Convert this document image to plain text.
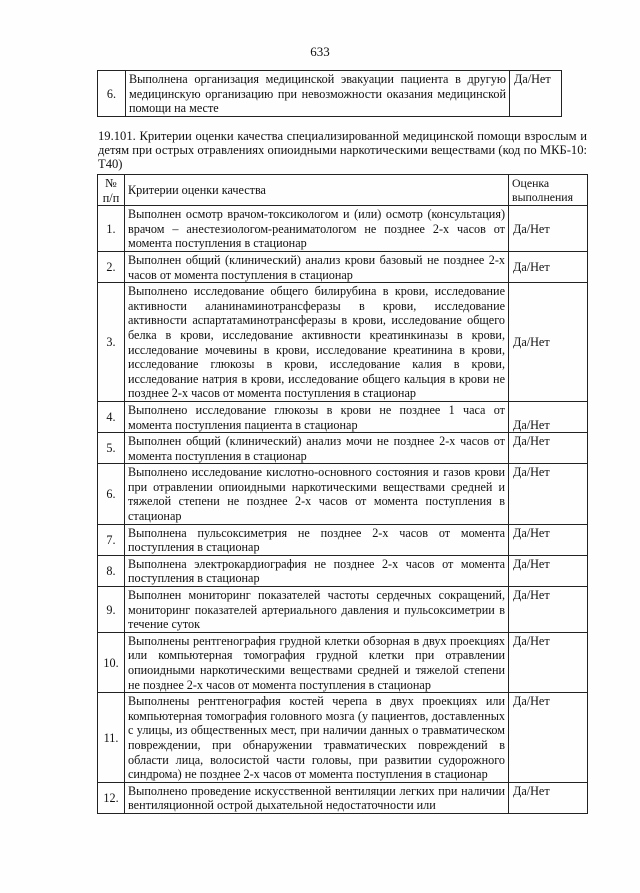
633
6.	Выполнена организация медицинской эвакуации пациента в другую медицинскую организацию при невозможности оказания медицинской помощи на месте	Да/Нет
19.101. Критерии оценки качества специализированной медицинской помощи взрослым и детям при острых отравлениях опиоидными наркотическими веществами (код по МКБ-10: T40)
№ п/п	Критерии оценки качества	Оценка выполнения
1.	Выполнен осмотр врачом-токсикологом и (или) осмотр (консультация) врачом – анестезиологом-реаниматологом не позднее 2-х часов от момента поступления в стационар	Да/Нет
2.	Выполнен общий (клинический) анализ крови базовый не позднее 2-х часов от момента поступления в стационар	Да/Нет
3.	Выполнено исследование общего билирубина в крови, исследование активности аланинаминотрансферазы в крови, исследование активности аспартатаминотрансферазы в крови, исследование общего белка в крови, исследование активности креатинкиназы в крови, исследование мочевины в крови, исследование креатинина в крови, исследование глюкозы в крови, исследование калия в крови, исследование натрия в крови, исследование общего кальция в крови не позднее 2-х часов от момента поступления в стационар	Да/Нет
4.	Выполнено исследование глюкозы в крови не позднее 1 часа от момента поступления пациента в стационар	Да/Нет
5.	Выполнен общий (клинический) анализ мочи не позднее 2-х часов от момента поступления в стационар	Да/Нет
6.	Выполнено исследование кислотно-основного состояния и газов крови при отравлении опиоидными наркотическими веществами средней и тяжелой степени не позднее 2-х часов от момента поступления в стационар	Да/Нет
7.	Выполнена пульсоксиметрия не позднее 2-х часов от момента поступления в стационар	Да/Нет
8.	Выполнена электрокардиография не позднее 2-х часов от момента поступления в стационар	Да/Нет
9.	Выполнен мониторинг показателей частоты сердечных сокращений, мониторинг показателей артериального давления и пульсоксиметрии в течение суток	Да/Нет
10.	Выполнены рентгенография грудной клетки обзорная в двух проекциях или компьютерная томография грудной клетки при отравлении опиоидными наркотическими веществами средней и тяжелой степени не позднее 2-х часов от момента поступления в стационар	Да/Нет
11.	Выполнены рентгенография костей черепа в двух проекциях или компьютерная томография головного мозга (у пациентов, доставленных с улицы, из общественных мест, при наличии данных о травматическом повреждении, при обнаружении травматических повреждений в области лица, волосистой части головы, при развитии судорожного синдрома) не позднее 2-х часов от момента поступления в стационар	Да/Нет
12.	Выполнено проведение искусственной вентиляции легких при наличии вентиляционной острой дыхательной недостаточности или	Да/Нет
